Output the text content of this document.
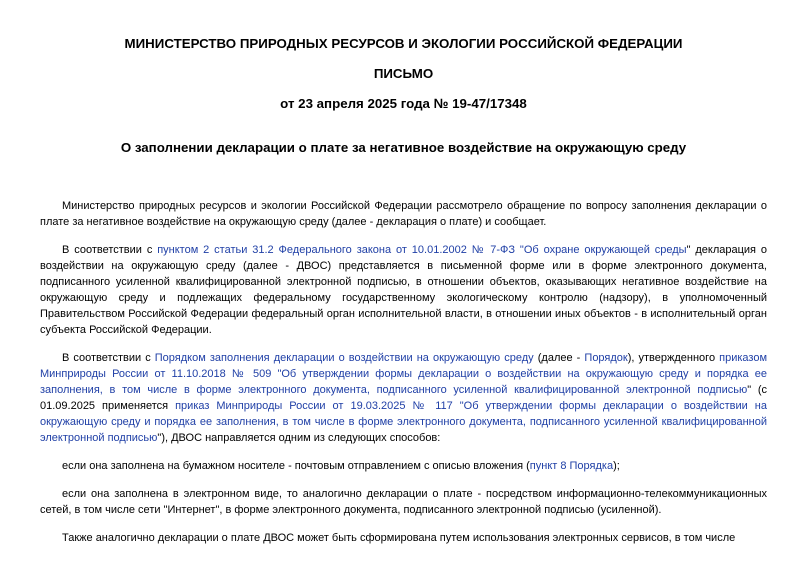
МИНИСТЕРСТВО ПРИРОДНЫХ РЕСУРСОВ И ЭКОЛОГИИ РОССИЙСКОЙ ФЕДЕРАЦИИ
ПИСЬМО
от 23 апреля 2025 года № 19-47/17348
О заполнении декларации о плате за негативное воздействие на окружающую среду

Министерство природных ресурсов и экологии Российской Федерации рассмотрело обращение по вопросу заполнения декларации о плате за негативное воздействие на окружающую среду (далее - декларация о плате) и сообщает.

В соответствии с пунктом 2 статьи 31.2 Федерального закона от 10.01.2002 № 7-ФЗ "Об охране окружающей среды" декларация о воздействии на окружающую среду (далее - ДВОС) представляется в письменной форме или в форме электронного документа, подписанного усиленной квалифицированной электронной подписью, в отношении объектов, оказывающих негативное воздействие на окружающую среду и подлежащих федеральному государственному экологическому контролю (надзору), в уполномоченный Правительством Российской Федерации федеральный орган исполнительной власти, в отношении иных объектов - в исполнительный орган субъекта Российской Федерации.

В соответствии с Порядком заполнения декларации о воздействии на окружающую среду (далее - Порядок), утвержденного приказом Минприроды России от 11.10.2018 № 509 "Об утверждении формы декларации о воздействии на окружающую среду и порядка ее заполнения, в том числе в форме электронного документа, подписанного усиленной квалифицированной электронной подписью" (с 01.09.2025 применяется приказ Минприроды России от 19.03.2025 № 117 "Об утверждении формы декларации о воздействии на окружающую среду и порядка ее заполнения, в том числе в форме электронного документа, подписанного усиленной квалифицированной электронной подписью"), ДВОС направляется одним из следующих способов:

если она заполнена на бумажном носителе - почтовым отправлением с описью вложения (пункт 8 Порядка);

если она заполнена в электронном виде, то аналогично декларации о плате - посредством информационно-телекоммуникационных сетей, в том числе сети "Интернет", в форме электронного документа, подписанного электронной подписью (усиленной).

Также аналогично декларации о плате ДВОС может быть сформирована путем использования электронных сервисов, в том числе
